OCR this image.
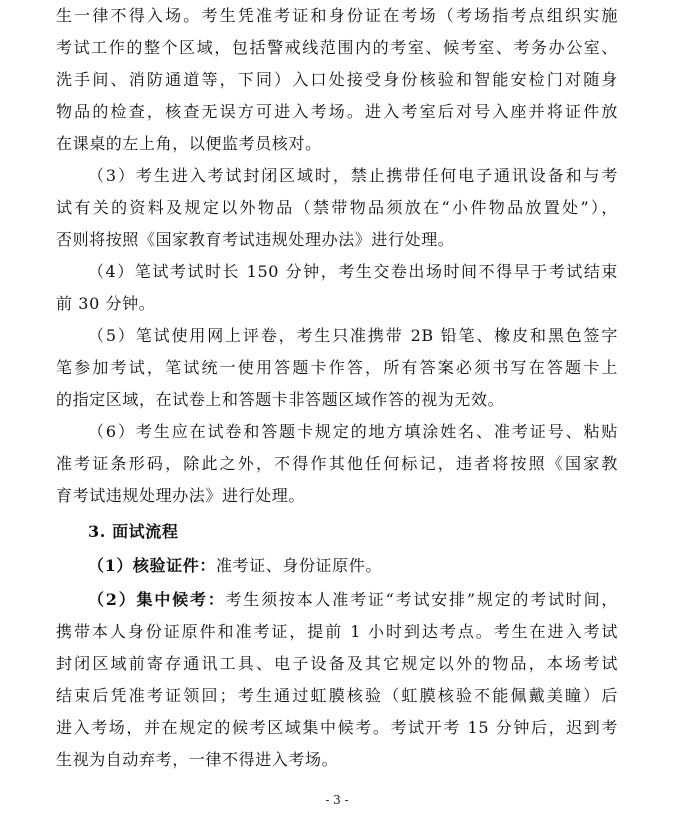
生一律不得入场。考生凭准考证和身份证在考场（考场指考点组织实施
考试工作的整个区域，包括警戒线范围内的考室、候考室、考务办公室、
洗手间、消防通道等，下同）入口处接受身份核验和智能安检门对随身
物品的检查，核查无误方可进入考场。进入考室后对号入座并将证件放
在课桌的左上角，以便监考员核对。
（3）考生进入考试封闭区域时，禁止携带任何电子通讯设备和与考
试有关的资料及规定以外物品（禁带物品须放在“小件物品放置处”），
否则将按照《国家教育考试违规处理办法》进行处理。
（4）笔试考试时长 150 分钟，考生交卷出场时间不得早于考试结束
前 30 分钟。
（5）笔试使用网上评卷，考生只准携带 2B 铅笔、橡皮和黑色签字
笔参加考试，笔试统一使用答题卡作答，所有答案必须书写在答题卡上
的指定区域，在试卷上和答题卡非答题区域作答的视为无效。
（6）考生应在试卷和答题卡规定的地方填涂姓名、准考证号、粘贴
准考证条形码，除此之外，不得作其他任何标记，违者将按照《国家教
育考试违规处理办法》进行处理。
3. 面试流程
（1）核验证件：准考证、身份证原件。
（2）集中候考：考生须按本人准考证“考试安排”规定的考试时间，
携带本人身份证原件和准考证，提前 1 小时到达考点。考生在进入考试
封闭区域前寄存通讯工具、电子设备及其它规定以外的物品，本场考试
结束后凭准考证领回；考生通过虹膜核验（虹膜核验不能佩戴美瞳）后
进入考场，并在规定的候考区域集中候考。考试开考 15 分钟后，迟到考
生视为自动弃考，一律不得进入考场。
- 3 -
